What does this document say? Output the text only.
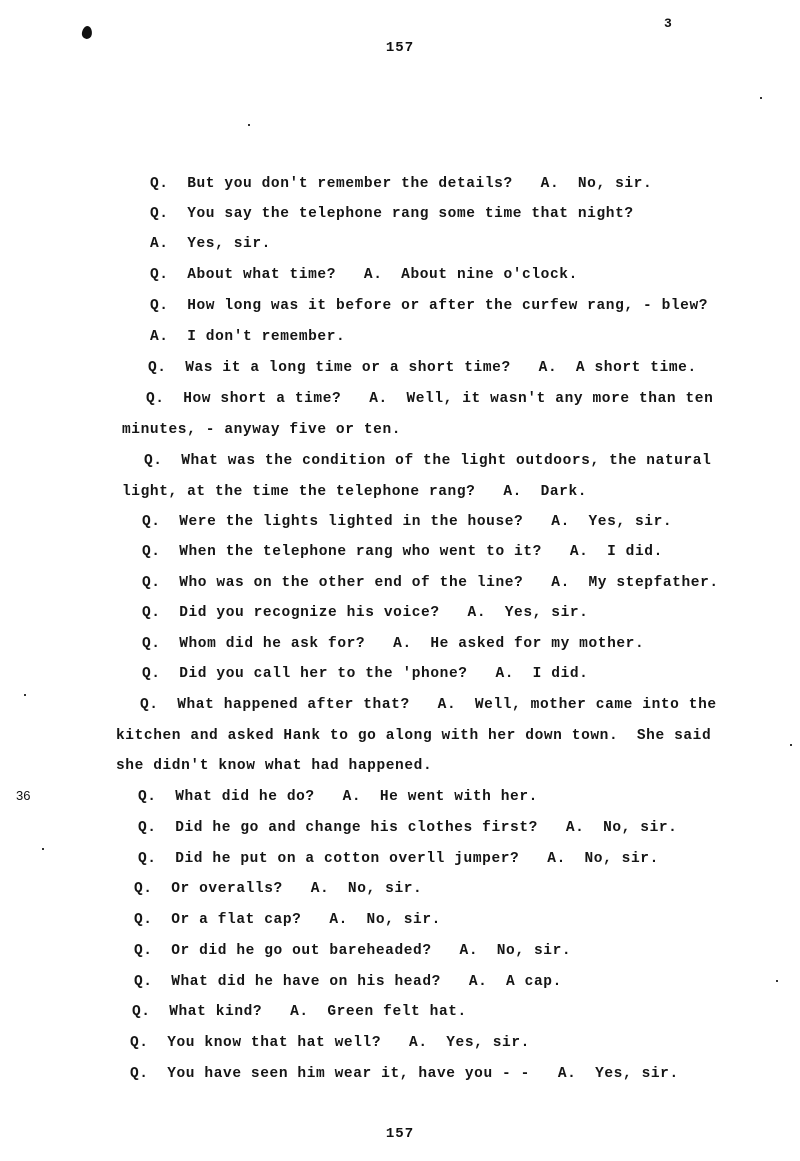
3
157
36
Q.  But you don't remember the details?   A.  No, sir.
Q.  You say the telephone rang some time that night?
A.  Yes, sir.
Q.  About what time?   A.  About nine o'clock.
Q.  How long was it before or after the curfew rang, - blew?
A.  I don't remember.
Q.  Was it a long time or a short time?   A.  A short time.
Q.  How short a time?   A.  Well, it wasn't any more than ten
minutes, - anyway five or ten.
Q.  What was the condition of the light outdoors, the natural
light, at the time the telephone rang?   A.  Dark.
Q.  Were the lights lighted in the house?   A.  Yes, sir.
Q.  When the telephone rang who went to it?   A.  I did.
Q.  Who was on the other end of the line?   A.  My stepfather.
Q.  Did you recognize his voice?   A.  Yes, sir.
Q.  Whom did he ask for?   A.  He asked for my mother.
Q.  Did you call her to the 'phone?   A.  I did.
Q.  What happened after that?   A.  Well, mother came into the
kitchen and asked Hank to go along with her down town.  She said
she didn't know what had happened.
Q.  What did he do?   A.  He went with her.
Q.  Did he go and change his clothes first?   A.  No, sir.
Q.  Did he put on a cotton overll jumper?   A.  No, sir.
Q.  Or overalls?   A.  No, sir.
Q.  Or a flat cap?   A.  No, sir.
Q.  Or did he go out bareheaded?   A.  No, sir.
Q.  What did he have on his head?   A.  A cap.
Q.  What kind?   A.  Green felt hat.
Q.  You know that hat well?   A.  Yes, sir.
Q.  You have seen him wear it, have you - -   A.  Yes, sir.
157
